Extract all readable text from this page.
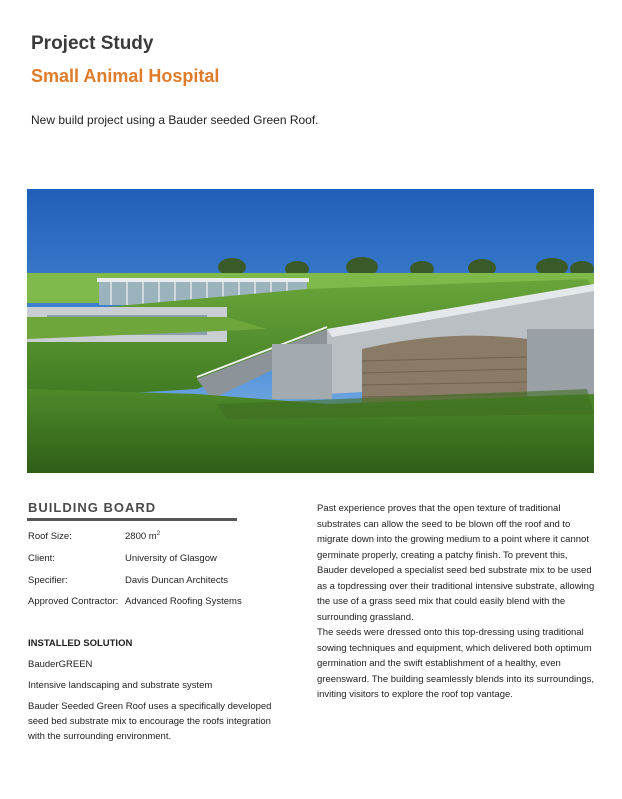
Project Study
Small Animal Hospital

New build project using a Bauder seeded Green Roof.

BUILDING BOARD
Roof Size:	2800 $m^2$
Client:	University of Glasgow
Specifier:	Davis Duncan Architects
Approved Contractor: Advanced Roofing Systems

INSTALLED SOLUTION

BauderGREEN

Intensive landscaping and substrate system

Bauder Seeded Green Roof uses a specifically developed seed bed substrate mix to encourage the roofs integration with the surrounding environment.

Past experience proves that the open texture of traditional substrates can allow the seed to be blown off the roof and to migrate down into the growing medium to a point where it cannot germinate properly, creating a patchy finish. To prevent this, Bauder developed a specialist seed bed substrate mix to be used as a topdressing over their traditional intensive substrate, allowing the use of a grass seed mix that could easily blend with the surrounding grassland.

The seeds were dressed onto this top-dressing using traditional sowing techniques and equipment, which delivered both optimum germination and the swift establishment of a healthy, even greensward. The building seamlessly blends into its surroundings, inviting visitors to explore the roof top vantage.
